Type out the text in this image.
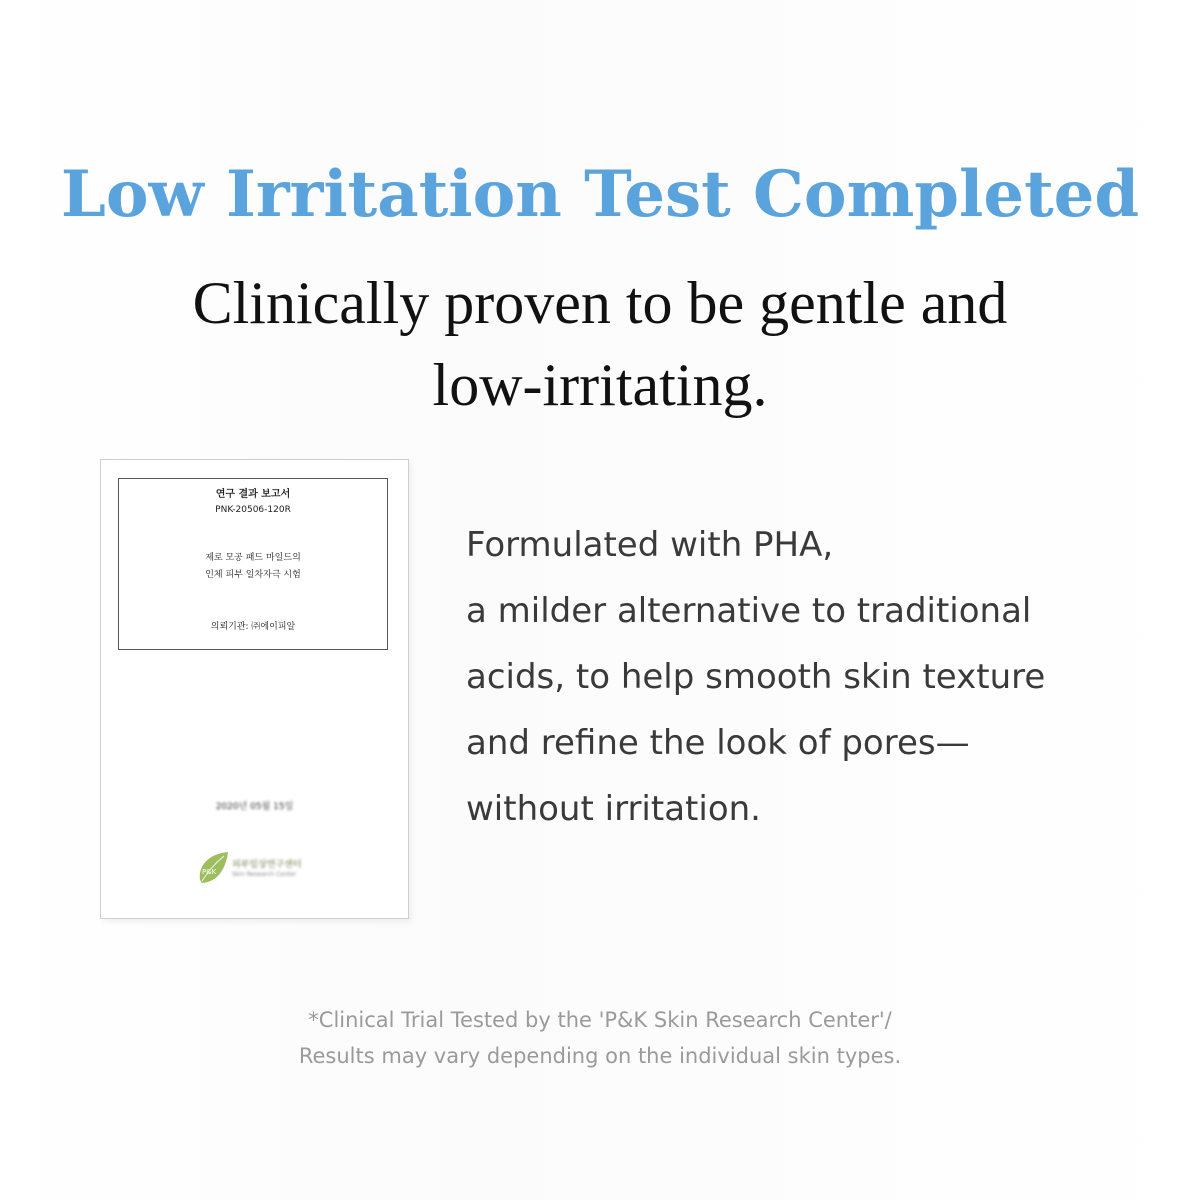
Low Irritation Test Completed
Clinically proven to be gentle and
low-irritating.
연구 결과 보고서
PNK-20506-120R
제로 모공 패드 마일드의
인체 피부 일차자극 시험
의뢰기관: ㈜에이피알
2020년 05월 15일
P&K
피부임상연구센터
Skin Research Center
Formulated with PHA,
a milder alternative to traditional
acids, to help smooth skin texture
and refine the look of pores—
without irritation.
*Clinical Trial Tested by the 'P&K Skin Research Center'/
Results may vary depending on the individual skin types.
